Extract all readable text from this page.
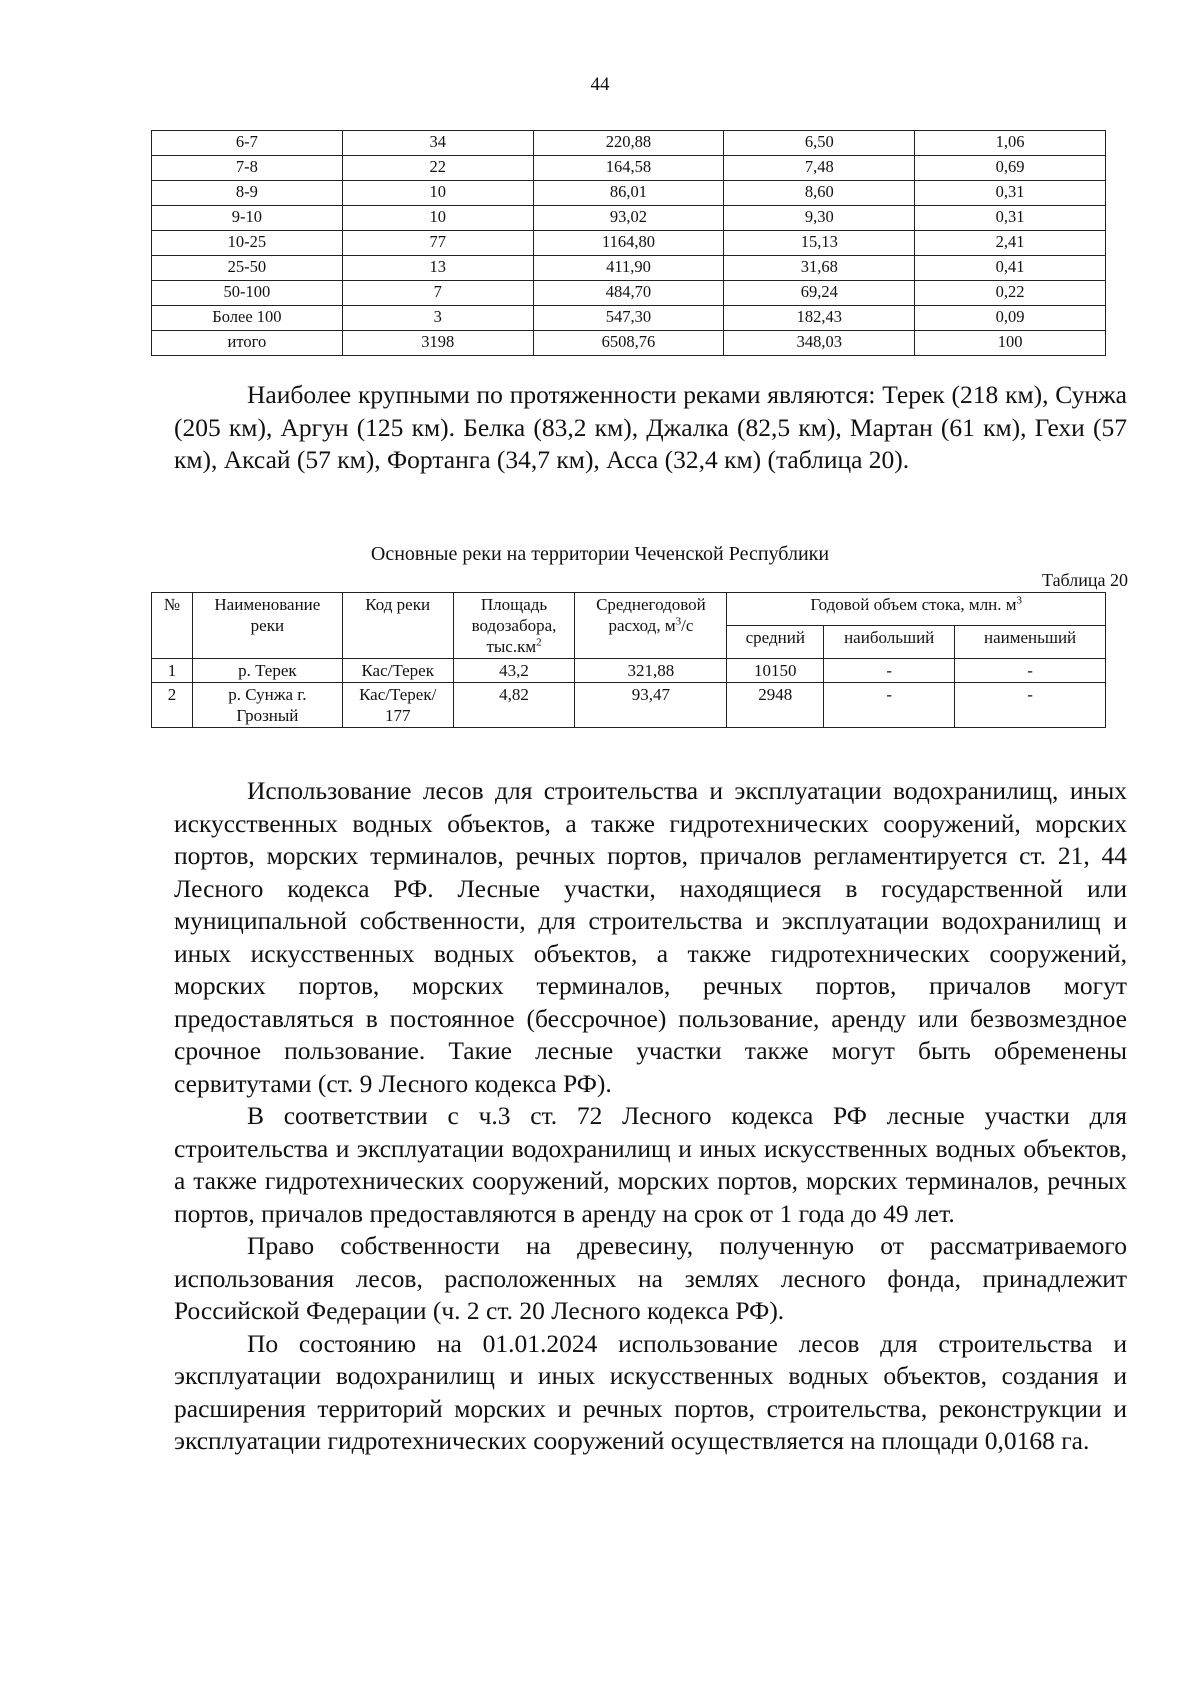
44
6-7	34	220,88	6,50	1,06
7-8	22	164,58	7,48	0,69
8-9	10	86,01	8,60	0,31
9-10	10	93,02	9,30	0,31
10-25	77	1164,80	15,13	2,41
25-50	13	411,90	31,68	0,41
50-100	7	484,70	69,24	0,22
Более 100	3	547,30	182,43	0,09
итого	3198	6508,76	348,03	100

Наиболее крупными по протяженности реками являются: Терек (218 км), Сунжа (205 км), Аргун (125 км). Белка (83,2 км), Джалка (82,5 км), Мартан (61 км), Гехи (57 км), Аксай (57 км), Фортанга (34,7 км), Асса (32,4 км) (таблица 20).

Основные реки на территории Чеченской Республики
Таблица 20
№	Наименование реки	Код реки	Площадь водозабора, $тыс.км^2$	Среднегодовой расход, $м^3/с$	Годовой объем стока, млн. $м^3$
					средний	наибольший	наименьший
1	р. Терек	Кас/Терек	43,2	321,88	10150	-	-
2	р. Сунжа г. Грозный	Кас/Терек/ 177	4,82	93,47	2948	-	-

Использование лесов для строительства и эксплуатации водохранилищ, иных искусственных водных объектов, а также гидротехнических сооружений, морских портов, морских терминалов, речных портов, причалов регламентируется ст. 21, 44 Лесного кодекса РФ. Лесные участки, находящиеся в государственной или муниципальной собственности, для строительства и эксплуатации водохранилищ и иных искусственных водных объектов, а также гидротехнических сооружений, морских портов, морских терминалов, речных портов, причалов могут предоставляться в постоянное (бессрочное) пользование, аренду или безвозмездное срочное пользование. Такие лесные участки также могут быть обременены сервитутами (ст. 9 Лесного кодекса РФ).

В соответствии с ч.3 ст. 72 Лесного кодекса РФ лесные участки для строительства и эксплуатации водохранилищ и иных искусственных водных объектов, а также гидротехнических сооружений, морских портов, морских терминалов, речных портов, причалов предоставляются в аренду на срок от 1 года до 49 лет.

Право собственности на древесину, полученную от рассматриваемого использования лесов, расположенных на землях лесного фонда, принадлежит Российской Федерации (ч. 2 ст. 20 Лесного кодекса РФ).

По состоянию на 01.01.2024 использование лесов для строительства и эксплуатации водохранилищ и иных искусственных водных объектов, создания и расширения территорий морских и речных портов, строительства, реконструкции и эксплуатации гидротехнических сооружений осуществляется на площади 0,0168 га.
